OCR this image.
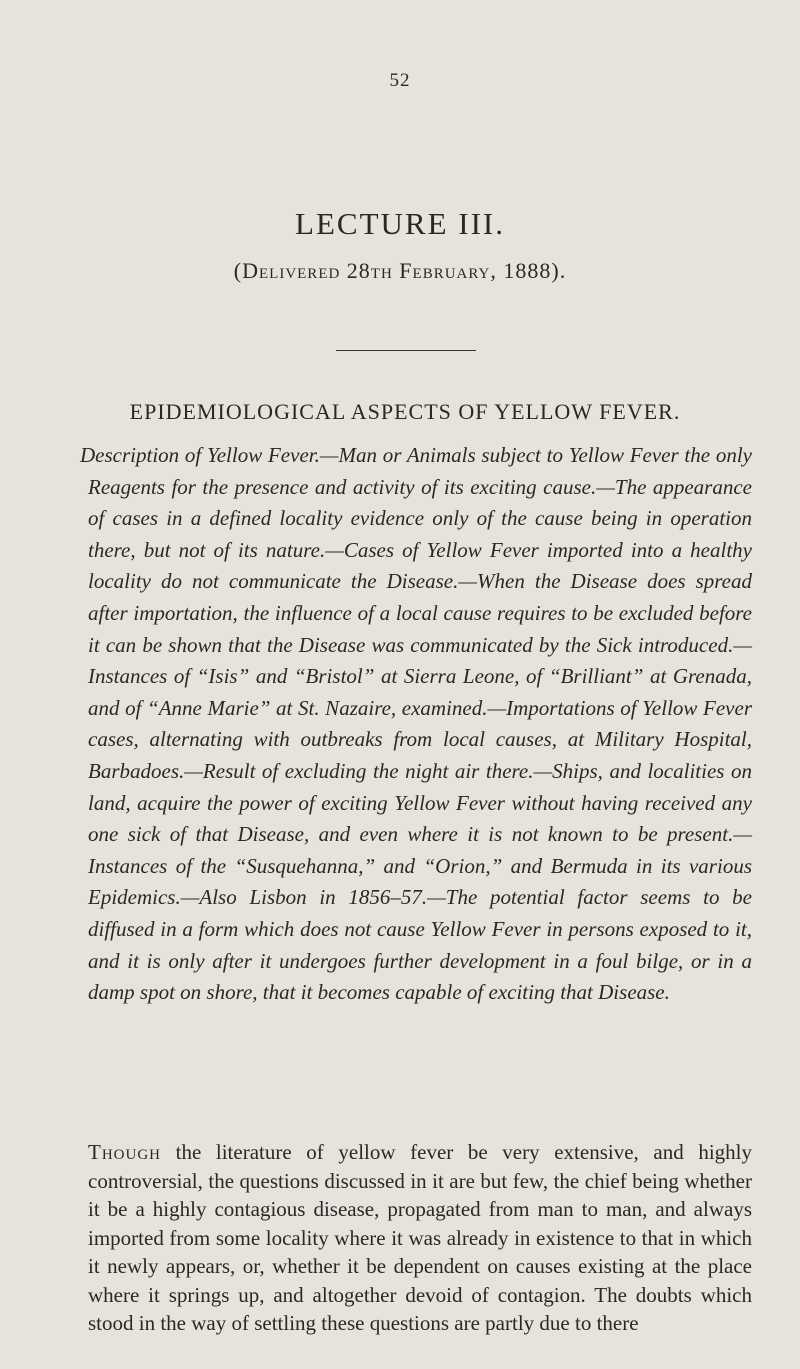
52
LECTURE III.
(Delivered 28th February, 1888).
EPIDEMIOLOGICAL ASPECTS OF YELLOW FEVER.
Description of Yellow Fever.—Man or Animals subject to Yellow Fever the only Reagents for the presence and activity of its exciting cause.—The appearance of cases in a defined locality evidence only of the cause being in operation there, but not of its nature.—Cases of Yellow Fever imported into a healthy locality do not communicate the Disease.—When the Disease does spread after importation, the influence of a local cause requires to be excluded before it can be shown that the Disease was communicated by the Sick introduced.—Instances of “Isis” and “Bristol” at Sierra Leone, of “Brilliant” at Grenada, and of “Anne Marie” at St. Nazaire, examined.—Importations of Yellow Fever cases, alternating with outbreaks from local causes, at Military Hospital, Barbadoes.—Result of excluding the night air there.—Ships, and localities on land, acquire the power of exciting Yellow Fever without having received any one sick of that Disease, and even where it is not known to be present.—Instances of the “Susquehanna,” and “Orion,” and Bermuda in its various Epidemics.—Also Lisbon in 1856–57.—The potential factor seems to be diffused in a form which does not cause Yellow Fever in persons exposed to it, and it is only after it undergoes further development in a foul bilge, or in a damp spot on shore, that it becomes capable of exciting that Disease.
Though the literature of yellow fever be very extensive, and highly controversial, the questions discussed in it are but few, the chief being whether it be a highly contagious disease, propagated from man to man, and always imported from some locality where it was already in existence to that in which it newly appears, or, whether it be dependent on causes existing at the place where it springs up, and altogether devoid of contagion. The doubts which stood in the way of settling these questions are partly due to there
